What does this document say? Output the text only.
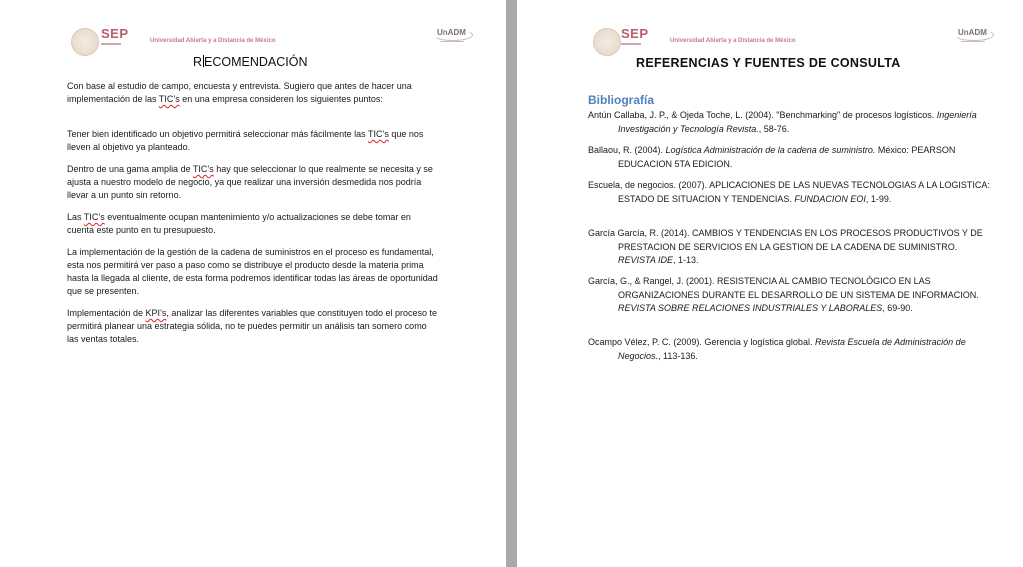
SEP	Universidad Abierta y a Distancia de México
UnADM
R ECOMENDACIÓN

Con base al estudio de campo, encuesta y entrevista. Sugiero que antes de hacer una implementación de las TIC’s en una empresa consideren los siguientes puntos:

Tener bien identificado un objetivo permitirá seleccionar más fácilmente las TIC’s que nos lleven al objetivo ya planteado.

Dentro de una gama amplia de TIC’s hay que seleccionar lo que realmente se necesita y se ajusta a nuestro modelo de negocio, ya que realizar una inversión desmedida nos podría llevar a un punto sin retorno.

Las TIC’s eventualmente ocupan mantenimiento y/o actualizaciones se debe tomar en cuenta este punto en tu presupuesto.

La implementación de la gestión de la cadena de suministros en el proceso es fundamental, esta nos permitirá ver paso a paso como se distribuye el producto desde la materia prima hasta la llegada al cliente, de esta forma podremos identificar todas las áreas de oportunidad que se presenten.

Implementación de KPI’s, analizar las diferentes variables que constituyen todo el proceso te permitirá planear una estrategia sólida, no te puedes permitir un análisis tan somero como las ventas totales.

SEP	Universidad Abierta y a Distancia de México
UnADM
REFERENCIAS Y FUENTES DE CONSULTA
Bibliografía

Antún Callaba, J. P., & Ojeda Toche, L. (2004). "Benchmarking" de procesos logísticos. Ingeniería Investigación y Tecnología Revista., 58-76.

Ballaou, R. (2004). Logística Administración de la cadena de suministro. México: PEARSON EDUCACION 5TA EDICION.

Escuela, de negocios. (2007). APLICACIONES DE LAS NUEVAS TECNOLOGIAS A LA LOGISTICA: ESTADO DE SITUACION Y TENDENCIAS. FUNDACION EOI, 1-99.

García García, R. (2014). CAMBIOS Y TENDENCIAS EN LOS PROCESOS PRODUCTIVOS Y DE PRESTACION DE SERVICIOS EN LA GESTION DE LA CADENA DE SUMINISTRO. REVISTA IDE, 1-13.

García, G., & Rangel, J. (2001). RESISTENCIA AL CAMBIO TECNOLÓGICO EN LAS ORGANIZACIONES DURANTE EL DESARROLLO DE UN SISTEMA DE INFORMACION. REVISTA SOBRE RELACIONES INDUSTRIALES Y LABORALES, 69-90.

Ocampo Vélez, P. C. (2009). Gerencia y logística global. Revista Escuela de Administración de Negocios., 113-136.
